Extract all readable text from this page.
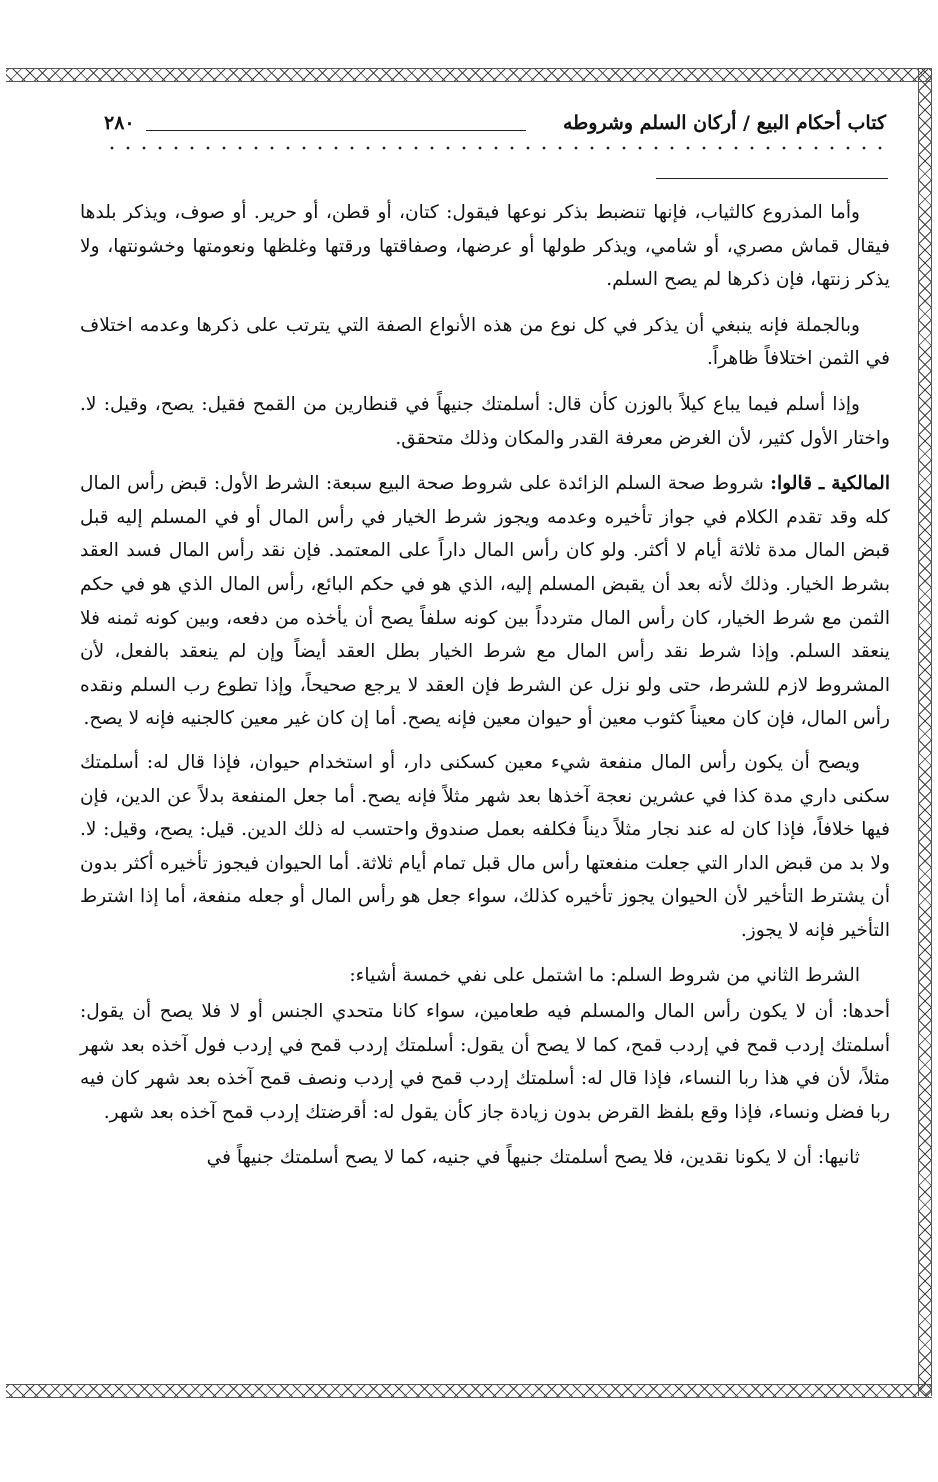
كتاب أحكام البيع / أركان السلم وشروطه
٢٨٠

وأما المذروع كالثياب، فإنها تنضبط بذكر نوعها فيقول: كتان، أو قطن، أو حرير. أو صوف، ويذكر بلدها فيقال قماش مصري، أو شامي، ويذكر طولها أو عرضها، وصفاقتها ورقتها وغلظها ونعومتها وخشونتها، ولا يذكر زنتها، فإن ذكرها لم يصح السلم.

وبالجملة فإنه ينبغي أن يذكر في كل نوع من هذه الأنواع الصفة التي يترتب على ذكرها وعدمه اختلاف في الثمن اختلافاً ظاهراً.

وإذا أسلم فيما يباع كيلاً بالوزن كأن قال: أسلمتك جنيهاً في قنطارين من القمح فقيل: يصح، وقيل: لا. واختار الأول كثير، لأن الغرض معرفة القدر والمكان وذلك متحقق.

المالكية ـ قالوا: شروط صحة السلم الزائدة على شروط صحة البيع سبعة: الشرط الأول: قبض رأس المال كله وقد تقدم الكلام في جواز تأخيره وعدمه ويجوز شرط الخيار في رأس المال أو في المسلم إليه قبل قبض المال مدة ثلاثة أيام لا أكثر. ولو كان رأس المال داراً على المعتمد. فإن نقد رأس المال فسد العقد بشرط الخيار. وذلك لأنه بعد أن يقبض المسلم إليه، الذي هو في حكم البائع، رأس المال الذي هو في حكم الثمن مع شرط الخيار، كان رأس المال متردداً بين كونه سلفاً يصح أن يأخذه من دفعه، وبين كونه ثمنه فلا ينعقد السلم. وإذا شرط نقد رأس المال مع شرط الخيار بطل العقد أيضاً وإن لم ينعقد بالفعل، لأن المشروط لازم للشرط، حتى ولو نزل عن الشرط فإن العقد لا يرجع صحيحاً، وإذا تطوع رب السلم ونقده رأس المال، فإن كان معيناً كثوب معين أو حيوان معين فإنه يصح. أما إن كان غير معين كالجنيه فإنه لا يصح.

ويصح أن يكون رأس المال منفعة شيء معين كسكنى دار، أو استخدام حيوان، فإذا قال له: أسلمتك سكنى داري مدة كذا في عشرين نعجة آخذها بعد شهر مثلاً فإنه يصح. أما جعل المنفعة بدلاً عن الدين، فإن فيها خلافاً، فإذا كان له عند نجار مثلاً ديناً فكلفه بعمل صندوق واحتسب له ذلك الدين. قيل: يصح، وقيل: لا. ولا بد من قبض الدار التي جعلت منفعتها رأس مال قبل تمام أيام ثلاثة. أما الحيوان فيجوز تأخيره أكثر بدون أن يشترط التأخير لأن الحيوان يجوز تأخيره كذلك، سواء جعل هو رأس المال أو جعله منفعة، أما إذا اشترط التأخير فإنه لا يجوز.

الشرط الثاني من شروط السلم: ما اشتمل على نفي خمسة أشياء:

أحدها: أن لا يكون رأس المال والمسلم فيه طعامين، سواء كانا متحدي الجنس أو لا فلا يصح أن يقول: أسلمتك إردب قمح في إردب قمح، كما لا يصح أن يقول: أسلمتك إردب قمح في إردب فول آخذه بعد شهر مثلاً، لأن في هذا ربا النساء، فإذا قال له: أسلمتك إردب قمح في إردب ونصف قمح آخذه بعد شهر كان فيه ربا فضل ونساء، فإذا وقع بلفظ القرض بدون زيادة جاز كأن يقول له: أقرضتك إردب قمح آخذه بعد شهر.

ثانيها: أن لا يكونا نقدين، فلا يصح أسلمتك جنيهاً في جنيه، كما لا يصح أسلمتك جنيهاً في
